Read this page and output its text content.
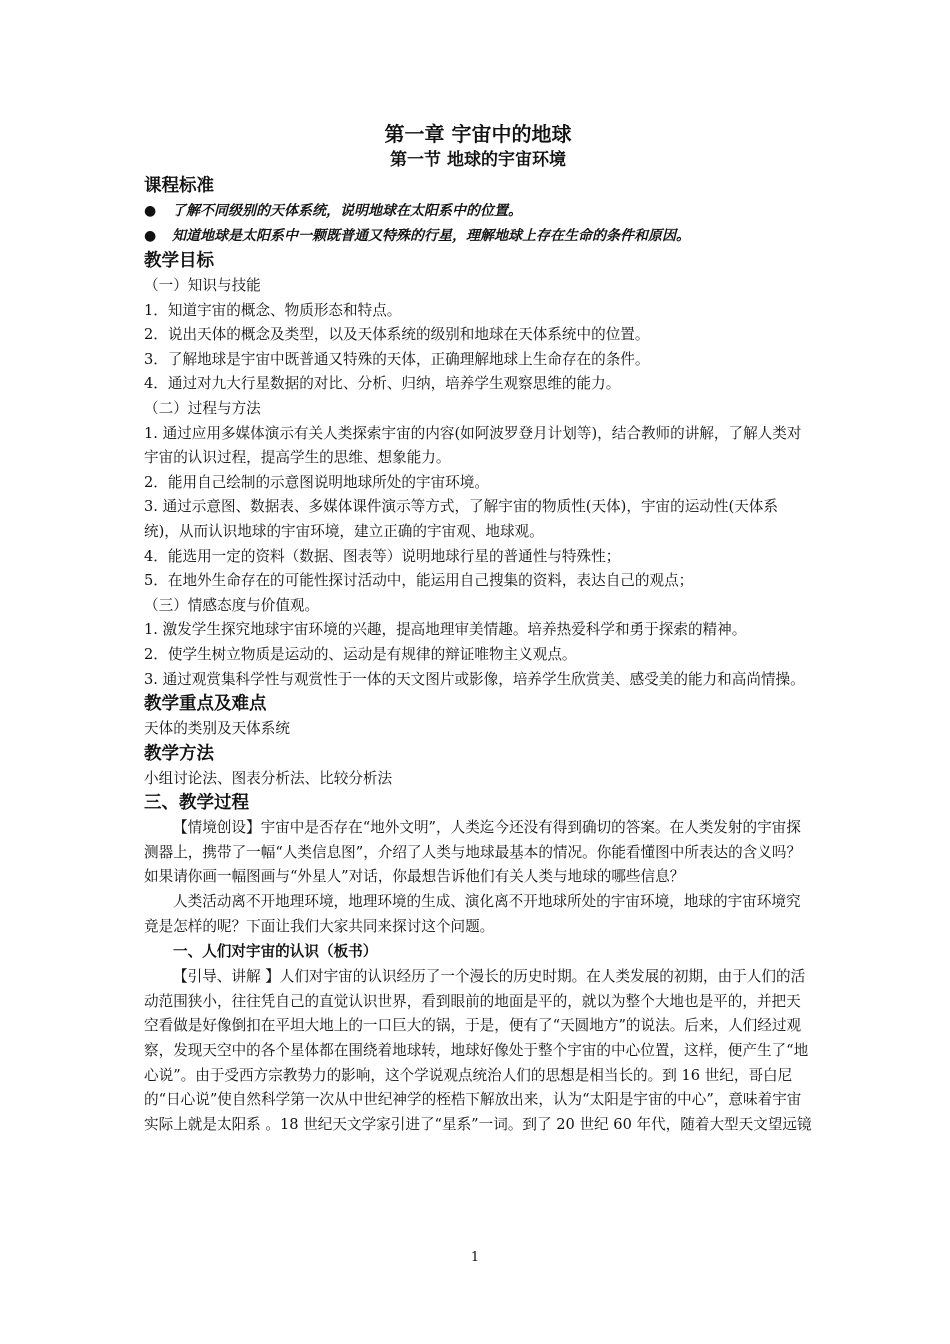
第一章 宇宙中的地球

第一节 地球的宇宙环境

课程标准

● 了解不同级别的天体系统，说明地球在太阳系中的位置。

● 知道地球是太阳系中一颗既普通又特殊的行星，理解地球上存在生命的条件和原因。

教学目标

（一）知识与技能

1．知道宇宙的概念、物质形态和特点。

2．说出天体的概念及类型，以及天体系统的级别和地球在天体系统中的位置。

3．了解地球是宇宙中既普通又特殊的天体，正确理解地球上生命存在的条件。

4．通过对九大行星数据的对比、分析、归纳，培养学生观察思维的能力。

（二）过程与方法

1. 通过应用多媒体演示有关人类探索宇宙的内容(如阿波罗登月计划等)，结合教师的讲解，了解人类对宇宙的认识过程，提高学生的思维、想象能力。

2．能用自己绘制的示意图说明地球所处的宇宙环境。

3. 通过示意图、数据表、多媒体课件演示等方式，了解宇宙的物质性(天体)，宇宙的运动性(天体系统)，从而认识地球的宇宙环境，建立正确的宇宙观、地球观。

4．能选用一定的资料（数据、图表等）说明地球行星的普通性与特殊性；

5．在地外生命存在的可能性探讨活动中，能运用自己搜集的资料，表达自己的观点；

（三）情感态度与价值观。

1. 激发学生探究地球宇宙环境的兴趣，提高地理审美情趣。培养热爱科学和勇于探索的精神。

2．使学生树立物质是运动的、运动是有规律的辩证唯物主义观点。

3. 通过观赏集科学性与观赏性于一体的天文图片或影像，培养学生欣赏美、感受美的能力和高尚情操。

教学重点及难点

天体的类别及天体系统

教学方法

小组讨论法、图表分析法、比较分析法

三、教学过程

【情境创设】宇宙中是否存在“地外文明”，人类迄今还没有得到确切的答案。在人类发射的宇宙探测器上，携带了一幅“人类信息图”，介绍了人类与地球最基本的情况。你能看懂图中所表达的含义吗？如果请你画一幅图画与“外星人”对话，你最想告诉他们有关人类与地球的哪些信息？

人类活动离不开地理环境，地理环境的生成、演化离不开地球所处的宇宙环境，地球的宇宙环境究竟是怎样的呢？下面让我们大家共同来探讨这个问题。

一、人们对宇宙的认识（板书）

【引导、讲解 】人们对宇宙的认识经历了一个漫长的历史时期。在人类发展的初期，由于人们的活动范围狭小，往往凭自己的直觉认识世界，看到眼前的地面是平的，就以为整个大地也是平的，并把天空看做是好像倒扣在平坦大地上的一口巨大的锅，于是，便有了“天圆地方”的说法。后来，人们经过观察，发现天空中的各个星体都在围绕着地球转，地球好像处于整个宇宙的中心位置，这样，便产生了“地心说”。由于受西方宗教势力的影响，这个学说观点统治人们的思想是相当长的。到 16 世纪，哥白尼的“日心说”使自然科学第一次从中世纪神学的桎梏下解放出来，认为“太阳是宇宙的中心”，意味着宇宙实际上就是太阳系 。18 世纪天文学家引进了“星系”一词。到了 20 世纪 60 年代，随着大型天文望远镜

1
